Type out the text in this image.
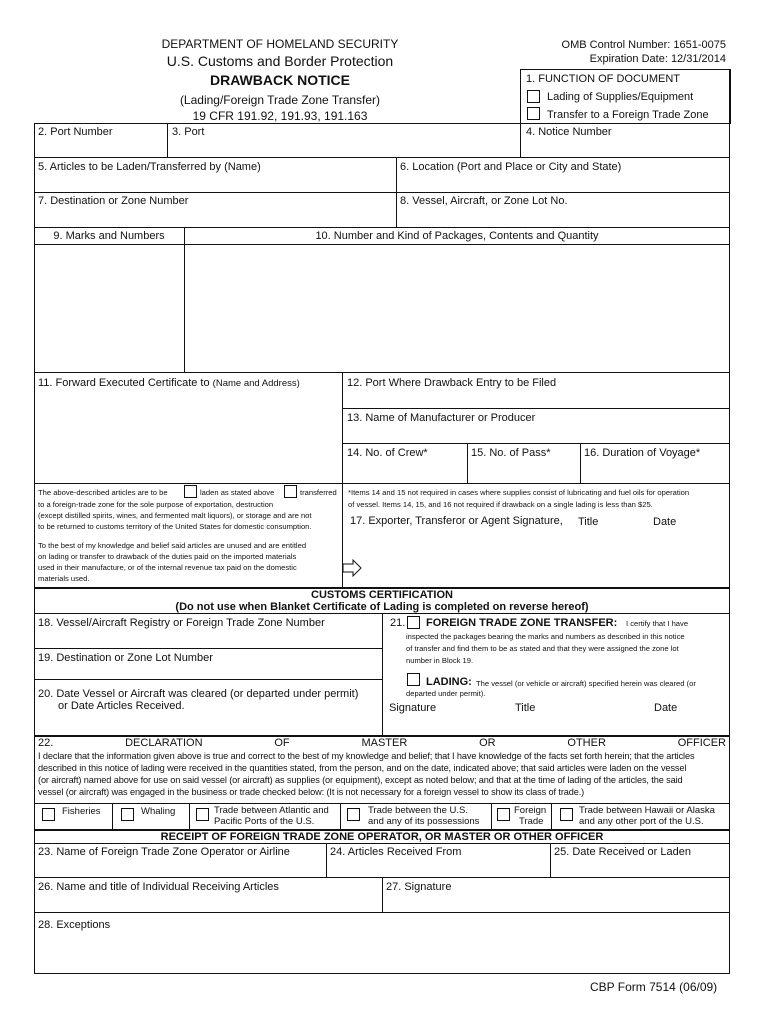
DEPARTMENT OF HOMELAND SECURITY
U.S. Customs and Border Protection
DRAWBACK NOTICE
(Lading/Foreign Trade Zone Transfer)
19 CFR 191.92, 191.93, 191.163
OMB Control Number: 1651-0075
Expiration Date: 12/31/2014
1. FUNCTION OF DOCUMENT
Lading of Supplies/Equipment
Transfer to a Foreign Trade Zone
2. Port Number	3. Port	4. Notice Number
5. Articles to be Laden/Transferred by (Name)	6. Location (Port and Place or City and State)
7. Destination or Zone Number	8. Vessel, Aircraft, or Zone Lot No.
9. Marks and Numbers	10. Number and Kind of Packages, Contents and Quantity
11. Forward Executed Certificate to (Name and Address)	12. Port Where Drawback Entry to be Filed
13. Name of Manufacturer or Producer
14. No. of Crew*	15. No. of Pass*	16. Duration of Voyage*
The above-described articles are to be	laden as stated above	transferred
to a foreign-trade zone for the sole purpose of exportation, destruction
(except distilled spirits, wines, and fermented malt liquors), or storage and are not
to be returned to customs territory of the United States for domestic consumption.
To the best of my knowledge and belief said articles are unused and are entitled
on lading or transfer to drawback of the duties paid on the imported materials
used in their manufacture, or of the internal revenue tax paid on the domestic
materials used.
*Items 14 and 15 not required in cases where supplies consist of lubricating and fuel oils for operation
of vessel. Items 14, 15, and 16 not required if drawback on a single lading is less than $25.
17. Exporter, Transferor or Agent Signature, Title	Date
CUSTOMS CERTIFICATION
(Do not use when Blanket Certificate of Lading is completed on reverse hereof)
18. Vessel/Aircraft Registry or Foreign Trade Zone Number
19. Destination or Zone Lot Number
20. Date Vessel or Aircraft was cleared (or departed under permit)
or Date Articles Received.
21. FOREIGN TRADE ZONE TRANSFER: I certify that I have
inspected the packages bearing the marks and numbers as described in this notice
of transfer and find them to be as stated and that they were assigned the zone lot
number in Block 19.
LADING: The vessel (or vehicle or aircraft) specified herein was cleared (or
departed under permit).
Signature	Title	Date
22.	DECLARATION	OF	MASTER	OR	OTHER	OFFICER
I declare that the information given above is true and correct to the best of my knowledge and belief; that I have knowledge of the facts set forth herein; that the articles
described in this notice of lading were received in the quantities stated, from the person, and on the date, indicated above; that said articles were laden on the vessel
(or aircraft) named above for use on said vessel (or aircraft) as supplies (or equipment), except as noted below; and that at the time of lading of the articles, the said
vessel (or aircraft) was engaged in the business or trade checked below: (It is not necessary for a foreign vessel to show its class of trade.)
Fisheries	Whaling	Trade between Atlantic and
Pacific Ports of the U.S.
Trade between the U.S.
and any of its possessions
Foreign
Trade
Trade between Hawaii or Alaska
and any other port of the U.S.
RECEIPT OF FOREIGN TRADE ZONE OPERATOR, OR MASTER OR OTHER OFFICER
23. Name of Foreign Trade Zone Operator or Airline	24. Articles Received From	25. Date Received or Laden
26. Name and title of Individual Receiving Articles	27. Signature
28. Exceptions
CBP Form 7514 (06/09)
